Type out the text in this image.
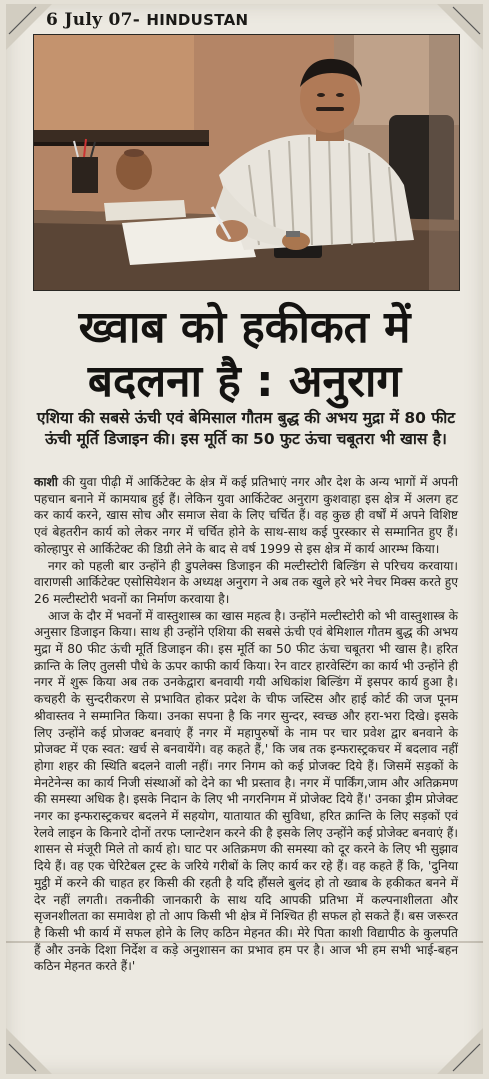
6 July 07- HINDUSTAN
ख्वाब को हकीकत में
बदलना है : अनुराग
एशिया की सबसे ऊंची एवं बेमिसाल गौतम बुद्ध की अभय मुद्रा में 80 फीट ऊंची मूर्ति डिजाइन की। इस मूर्ति का 50 फुट ऊंचा चबूतरा भी खास है।

काशी की युवा पीढ़ी में आर्किटेक्ट के क्षेत्र में कई प्रतिभाएं नगर और देश के अन्य भागों में अपनी पहचान बनाने में कामयाब हुई हैं। लेकिन युवा आर्किटेक्ट अनुराग कुशवाहा इस क्षेत्र में अलग हट कर कार्य करने, खास सोच और समाज सेवा के लिए चर्चित हैं। वह कुछ ही वर्षों में अपने विशिष्ट एवं बेहतरीन कार्य को लेकर नगर में चर्चित होने के साथ-साथ कई पुरस्कार से सम्मानित हुए हैं। कोल्हापुर से आर्किटेक्ट की डिग्री लेने के बाद से वर्ष 1999 से इस क्षेत्र में कार्य आरम्भ किया।

नगर को पहली बार उन्होंने ही डुपलेक्स डिजाइन की मल्टीस्टोरी बिल्डिंग से परिचय करवाया। वाराणसी आर्किटेक्ट एसोसियेशन के अध्यक्ष अनुराग ने अब तक खुले हरे भरे नेचर मिक्स करते हुए 26 मल्टीस्टोरी भवनों का निर्माण करवाया है।

आज के दौर में भवनों में वास्तुशास्त्र का खास महत्व है। उन्होंने मल्टीस्टोरी को भी वास्तुशास्त्र के अनुसार डिजाइन किया। साथ ही उन्होंने एशिया की सबसे ऊंची एवं बेमिशाल गौतम बुद्ध की अभय मुद्रा में 80 फीट ऊंची मूर्ति डिजाइन की। इस मूर्ति का 50 फीट ऊंचा चबूतरा भी खास है। हरित क्रान्ति के लिए तुलसी पौधे के ऊपर काफी कार्य किया। रेन वाटर हारवेस्टिंग का कार्य भी उन्होंने ही नगर में शुरू किया अब तक उनकेद्वारा बनवायी गयी अधिकांश बिल्डिंग में इसपर कार्य हुआ है। कचहरी के सुन्दरीकरण से प्रभावित होकर प्रदेश के चीफ जस्टिस और हाई कोर्ट की जज पूनम श्रीवास्तव ने सम्मानित किया। उनका सपना है कि नगर सुन्दर, स्वच्छ और हरा-भरा दिखे। इसके लिए उन्होंने कई प्रोजक्ट बनवाएं हैं नगर में महापुरुषों के नाम पर चार प्रवेश द्वार बनवाने के प्रोजक्ट में एक स्वत: खर्च से बनवायेंगे। वह कहते हैं,' कि जब तक इन्फरास्ट्रकचर में बदलाव नहीं होगा शहर की स्थिति बदलने वाली नहीं। नगर निगम को कई प्रोजक्ट दिये हैं। जिसमें सड़कों के मेनटेनेन्स का कार्य निजी संस्थाओं को देने का भी प्रस्ताव है। नगर में पार्किंग,जाम और अतिक्रमण की समस्या अधिक है। इसके निदान के लिए भी नगरनिगम में प्रोजेक्ट दिये हैं।' उनका ड्रीम प्रोजेक्ट नगर का इन्फरास्ट्रकचर बदलने में सहयोग, यातायात की सुविधा, हरित क्रान्ति के लिए सड़कों एवं रेलवे लाइन के किनारे दोनों तरफ प्लान्टेशन करने की है इसके लिए उन्होंने कई प्रोजेक्ट बनवाएं हैं। शासन से मंजूरी मिले तो कार्य हो। घाट पर अतिक्रमण की समस्या को दूर करने के लिए भी सुझाव दिये हैं। वह एक चेरिटेबल ट्रस्ट के जरिये गरीबों के लिए कार्य कर रहे हैं। वह कहते हैं कि, 'दुनिया मुट्ठी में करने की चाहत हर किसी की रहती है यदि हौंसले बुलंद हो तो ख्वाब के हकीकत बनने में देर नहीं लगती। तकनीकी जानकारी के साथ यदि आपकी प्रतिभा में कल्पनाशीलता और सृजनशीलता का समावेश हो तो आप किसी भी क्षेत्र में निश्चित ही सफल हो सकते हैं। बस जरूरत है किसी भी कार्य में सफल होने के लिए कठिन मेहनत की। मेरे पिता काशी विद्यापीठ के कुलपति हैं और उनके दिशा निर्देश व कड़े अनुशासन का प्रभाव हम पर है। आज भी हम सभी भाई-बहन कठिन मेहनत करते हैं।'
